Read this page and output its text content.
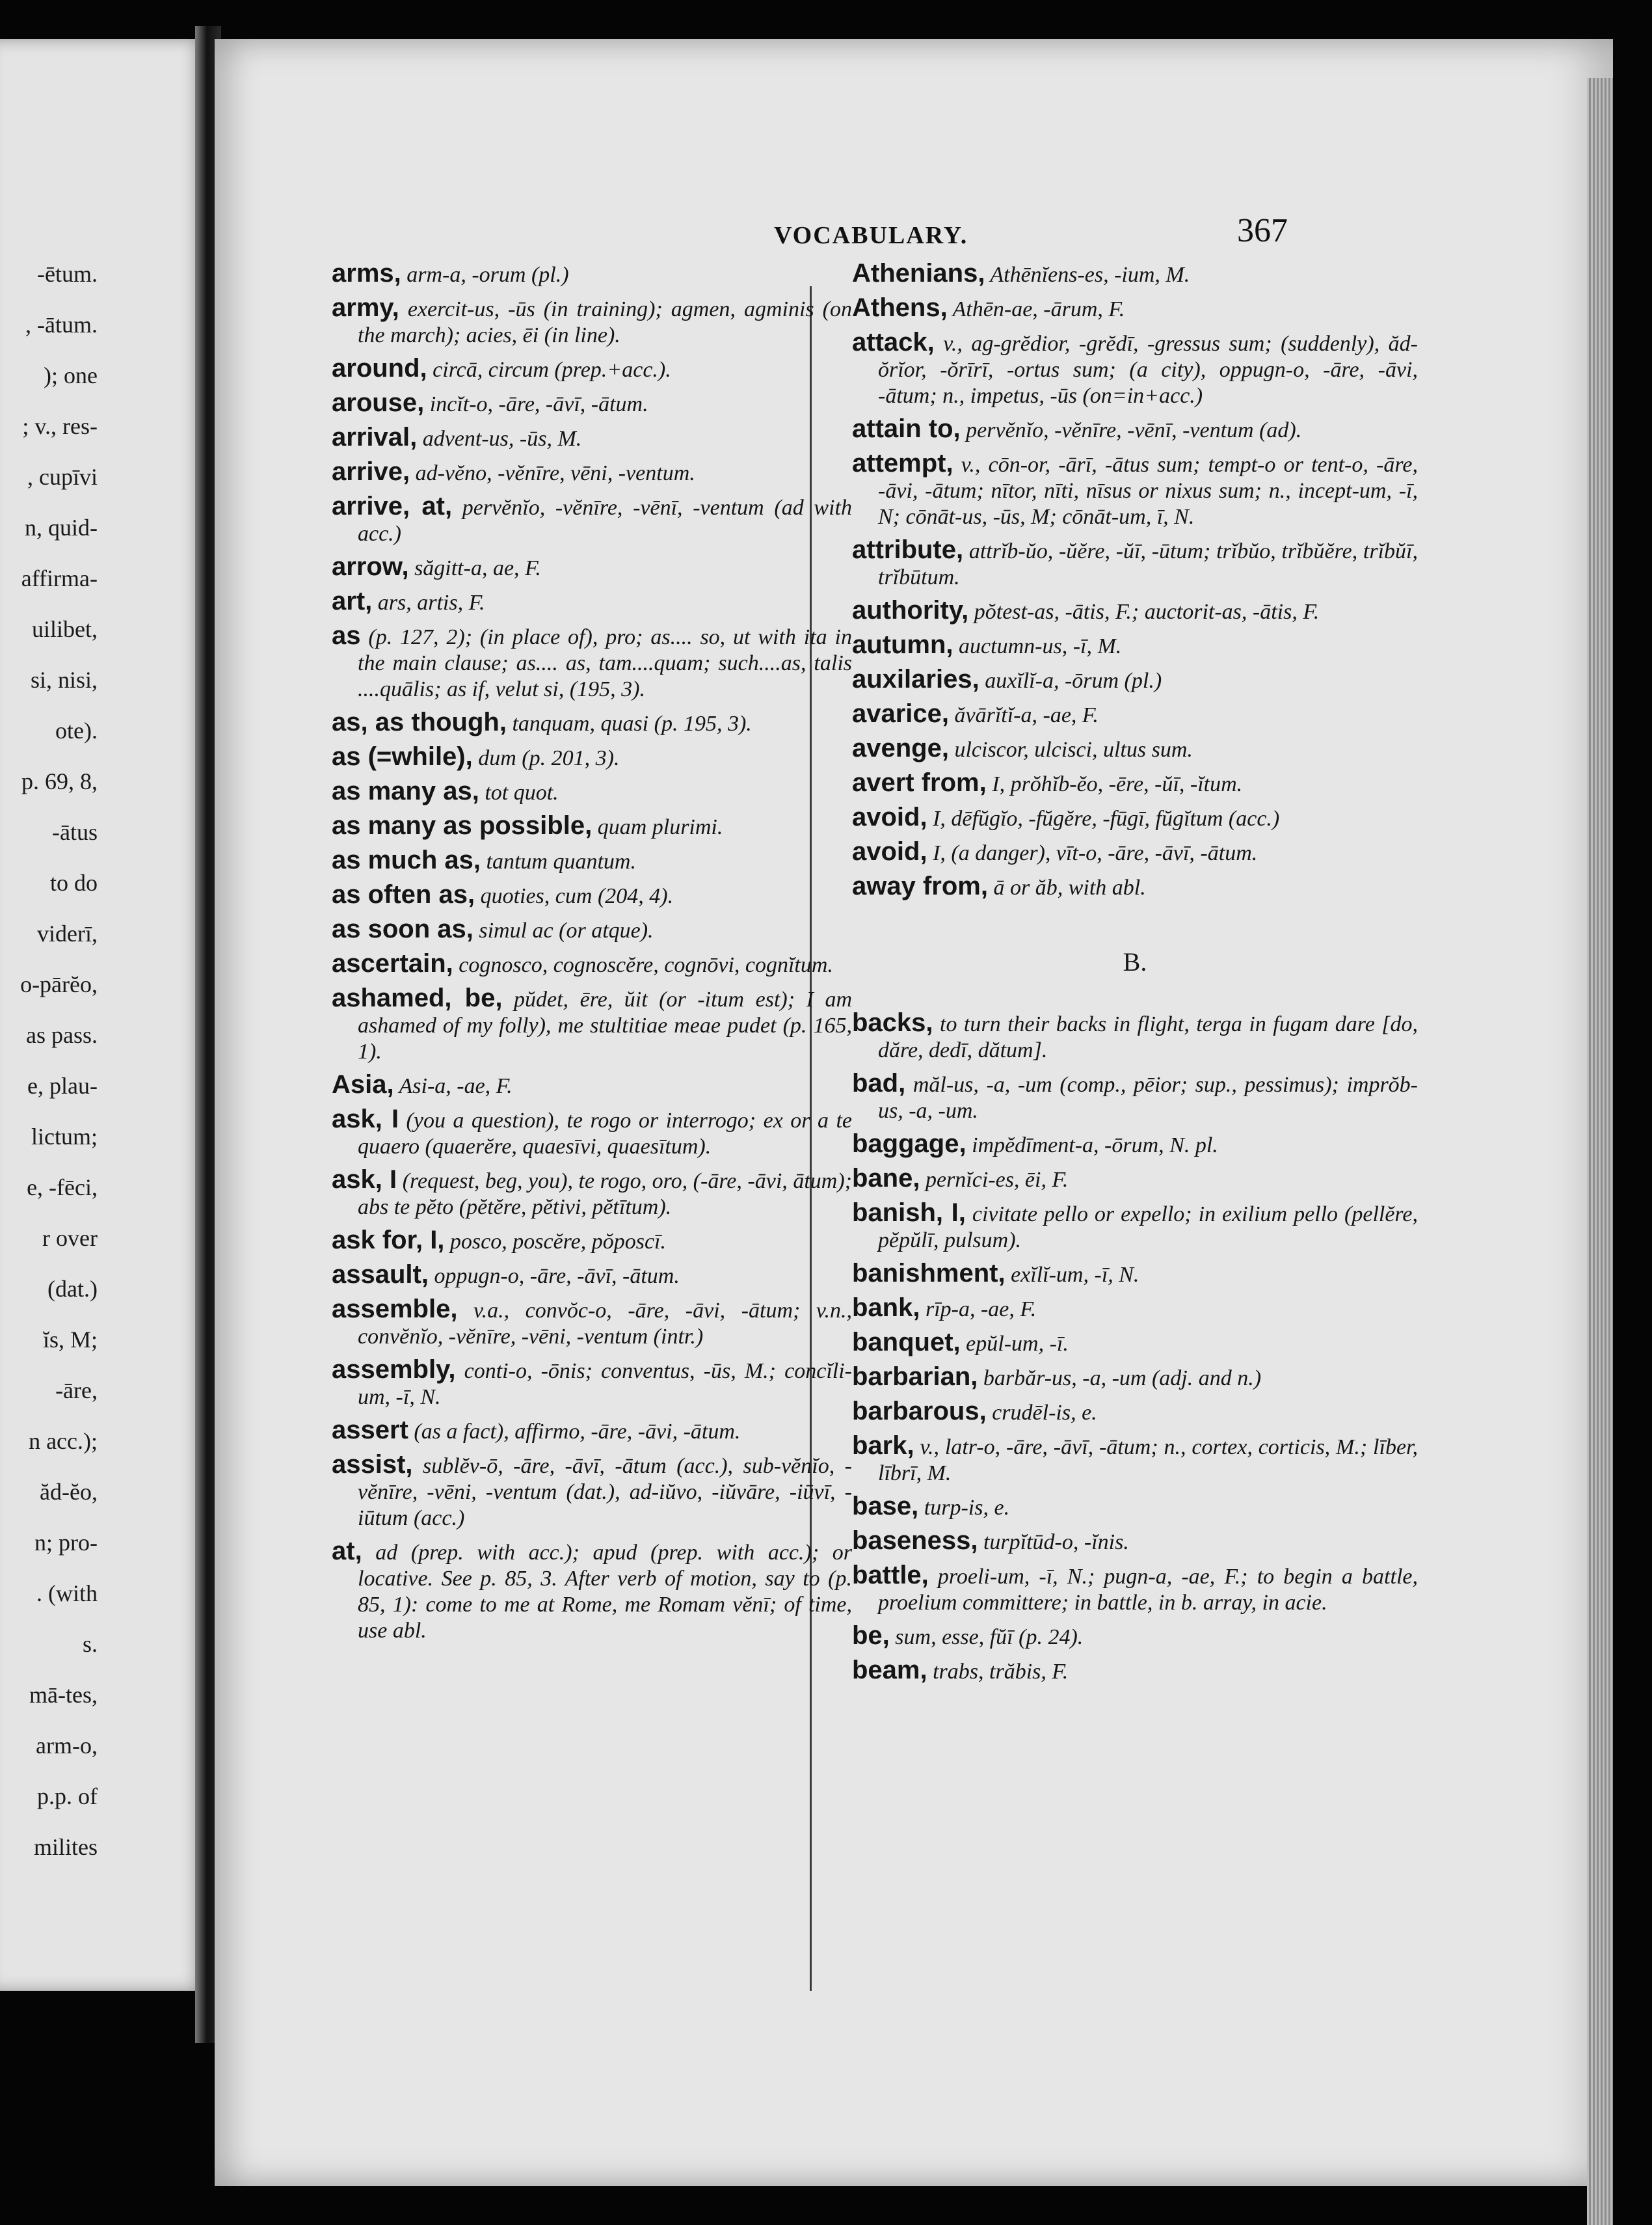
-ētum.
, -ātum.
); one
; v., res-
, cupīvi
n, quid-
affirma-
uilibet,
si, nisi,
ote).
p. 69, 8,
-ātus
to do
viderī,
o-pārĕo,
as pass.
e, plau-
lictum;
e, -fēci,
r over
(dat.)
ĭs, M;
-āre,
n acc.);
ăd-ĕo,
n; pro-
. (with
s.
mā-tes,
arm-o,
p.p. of
milites
VOCABULARY.	367
arms, arm-a, -orum (pl.)
army, exercit-us, -ūs (in training); agmen, agminis (on the march); acies, ēi (in line).
around, circā, circum (prep.+acc.).
arouse, incĭt-o, -āre, -āvī, -ātum.
arrival, advent-us, -ūs, M.
arrive, ad-vĕno, -vĕnīre, vēni, -ventum.
arrive, at, pervĕnĭo, -vĕnīre, -vēnī, -ventum (ad with acc.)
arrow, săgitt-a, ae, F.
art, ars, artis, F.
as (p. 127, 2); (in place of), pro; as.... so, ut with ita in the main clause; as.... as, tam....quam; such....as, talis ....quālis; as if, velut si, (195, 3).
as, as though, tanquam, quasi (p. 195, 3).
as (=while), dum (p. 201, 3).
as many as, tot quot.
as many as possible, quam plurimi.
as much as, tantum quantum.
as often as, quoties, cum (204, 4).
as soon as, simul ac (or atque).
ascertain, cognosco, cognoscĕre, cognōvi, cognĭtum.
ashamed, be, pŭdet, ēre, ŭit (or -itum est); I am ashamed of my folly), me stultitiae meae pudet (p. 165, 1).
Asia, Asi-a, -ae, F.
ask, I (you a question), te rogo or interrogo; ex or a te quaero (quaerĕre, quaesīvi, quaesītum).
ask, I (request, beg, you), te rogo, oro, (-āre, -āvi, ātum); abs te pĕto (pĕtĕre, pĕtivi, pĕtītum).
ask for, I, posco, poscĕre, pŏposcī.
assault, oppugn-o, -āre, -āvī, -ātum.
assemble, v.a., convŏc-o, -āre, -āvi, -ātum; v.n., convĕnĭo, -vĕnīre, -vēni, -ventum (intr.)
assembly, conti-o, -ōnis; conventus, -ūs, M.; concĭli-um, -ī, N.
assert (as a fact), affirmo, -āre, -āvi, -ātum.
assist, sublĕv-ō, -āre, -āvī, -ātum (acc.), sub-vĕnĭo, -vĕnīre, -vēni, -ventum (dat.), ad-iŭvo, -iŭvāre, -iūvī, -iūtum (acc.)
at, ad (prep. with acc.); apud (prep. with acc.); or locative. See p. 85, 3. After verb of motion, say to (p. 85, 1): come to me at Rome, me Romam vĕnī; of time, use abl.
Athenians, Athēnĭens-es, -ium, M.
Athens, Athēn-ae, -ārum, F.
attack, v., ag-grĕdior, -grĕdī, -gressus sum; (suddenly), ăd-ŏrĭor, -ŏrīrī, -ortus sum; (a city), oppugn-o, -āre, -āvi, -ātum; n., impetus, -ūs (on=in+acc.)
attain to, pervĕnĭo, -vĕnīre, -vēnī, -ventum (ad).
attempt, v., cōn-or, -ārī, -ātus sum; tempt-o or tent-o, -āre, -āvi, -ātum; nītor, nīti, nīsus or nixus sum; n., incept-um, -ī, N; cōnāt-us, -ūs, M; cōnāt-um, ī, N.
attribute, attrĭb-ŭo, -ŭĕre, -ŭī, -ūtum; trĭbŭo, trĭbŭĕre, trĭbŭī, trĭbūtum.
authority, pŏtest-as, -ātis, F.; auctorit-as, -ātis, F.
autumn, auctumn-us, -ī, M.
auxilaries, auxĭlĭ-a, -ōrum (pl.)
avarice, ăvārĭtĭ-a, -ae, F.
avenge, ulciscor, ulcisci, ultus sum.
avert from, I, prŏhĭb-ĕo, -ēre, -ŭī, -ĭtum.
avoid, I, dēfŭgĭo, -fŭgĕre, -fūgī, fŭgĭtum (acc.)
avoid, I, (a danger), vīt-o, -āre, -āvī, -ātum.
away from, ā or ăb, with abl.
B.
backs, to turn their backs in flight, terga in fugam dare [do, dăre, dedī, dătum].
bad, măl-us, -a, -um (comp., pēior; sup., pessimus); imprŏb-us, -a, -um.
baggage, impĕdīment-a, -ōrum, N. pl.
bane, pernĭci-es, ēi, F.
banish, I, civitate pello or expello; in exilium pello (pellĕre, pĕpŭlī, pulsum).
banishment, exĭlĭ-um, -ī, N.
bank, rīp-a, -ae, F.
banquet, epŭl-um, -ī.
barbarian, barbăr-us, -a, -um (adj. and n.)
barbarous, crudēl-is, e.
bark, v., latr-o, -āre, -āvī, -ātum; n., cortex, corticis, M.; līber, lībrī, M.
base, turp-is, e.
baseness, turpĭtūd-o, -ĭnis.
battle, proeli-um, -ī, N.; pugn-a, -ae, F.; to begin a battle, proelium committere; in battle, in b. array, in acie.
be, sum, esse, fŭī (p. 24).
beam, trabs, trăbis, F.
